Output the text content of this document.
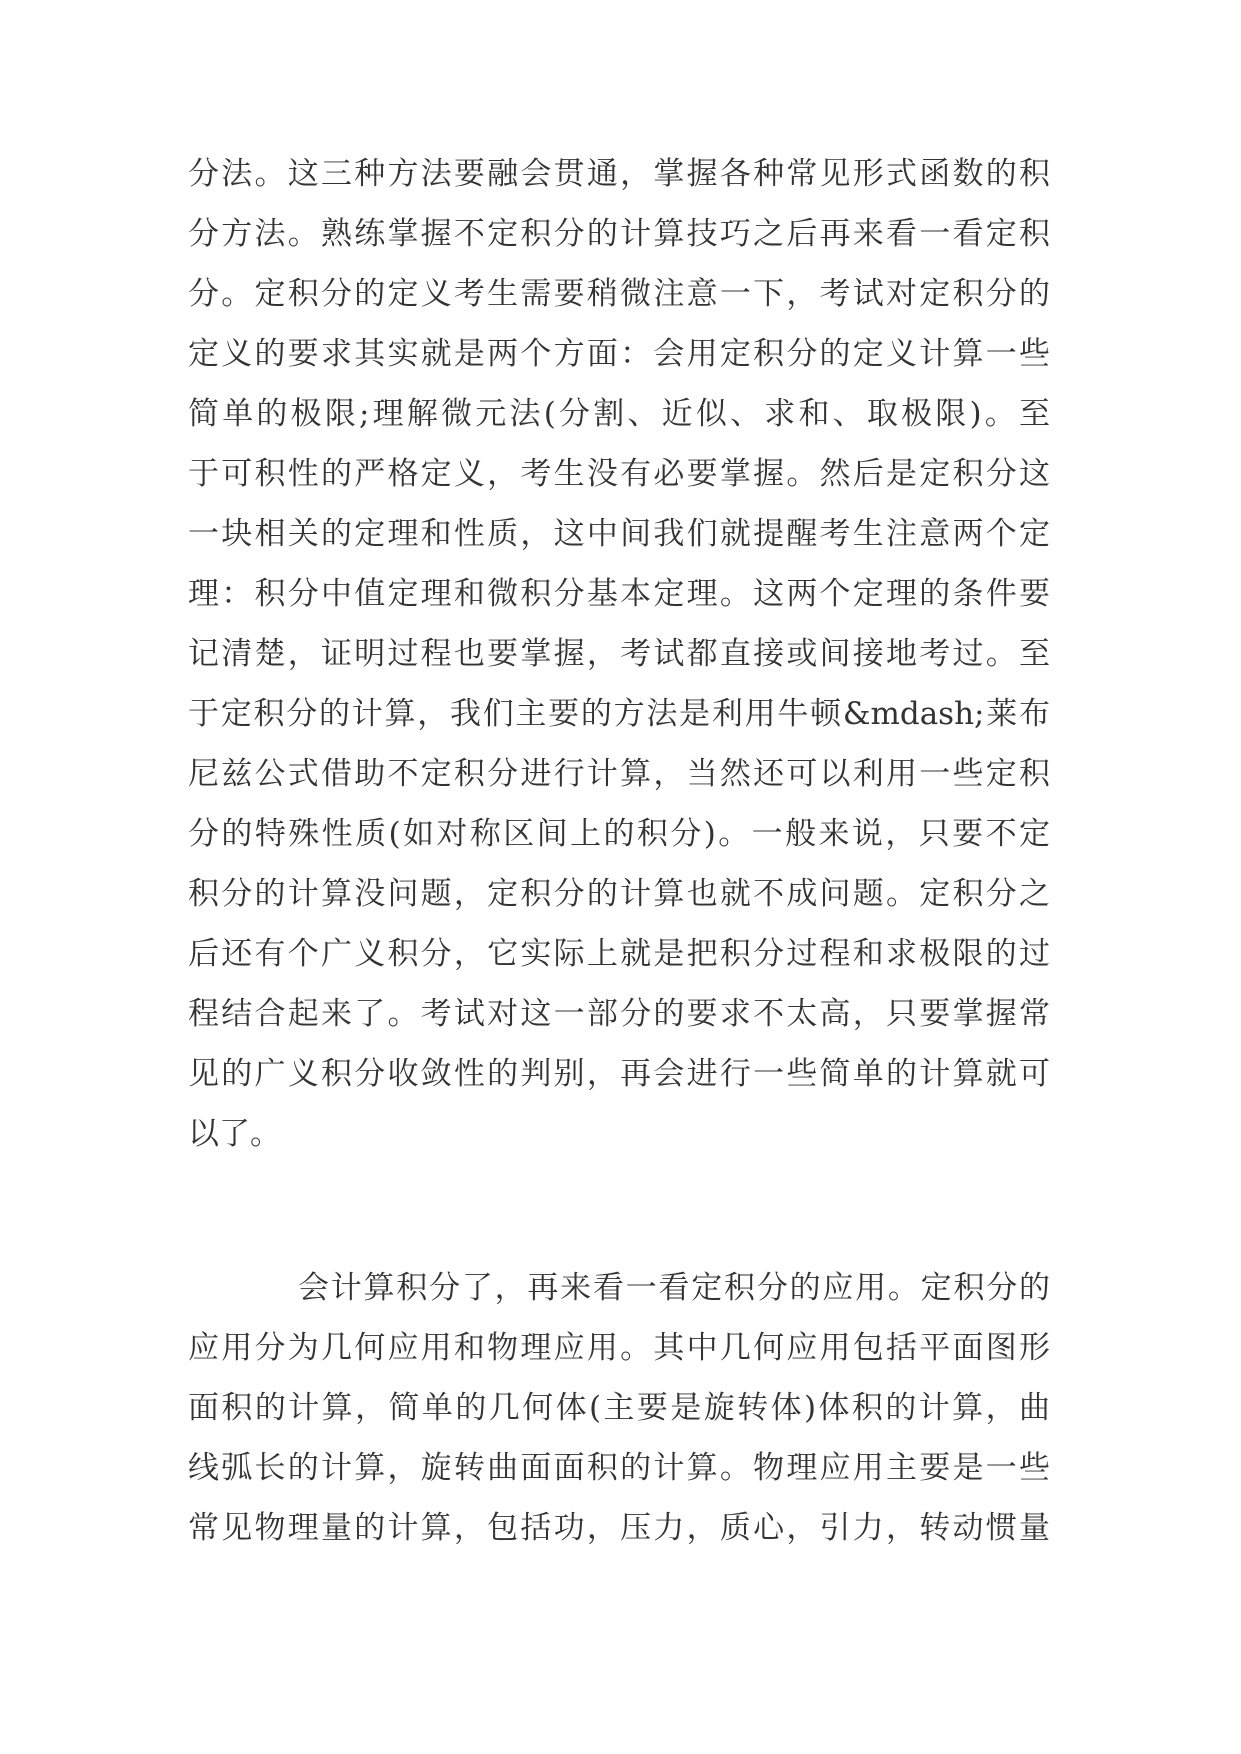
分法。这三种方法要融会贯通，掌握各种常见形式函数的积
分方法。熟练掌握不定积分的计算技巧之后再来看一看定积
分。定积分的定义考生需要稍微注意一下，考试对定积分的
定义的要求其实就是两个方面：会用定积分的定义计算一些
简单的极限;理解微元法(分割、近似、求和、取极限)。至
于可积性的严格定义，考生没有必要掌握。然后是定积分这
一块相关的定理和性质，这中间我们就提醒考生注意两个定
理：积分中值定理和微积分基本定理。这两个定理的条件要
记清楚，证明过程也要掌握，考试都直接或间接地考过。至
于定积分的计算，我们主要的方法是利用牛顿&mdash;莱布
尼兹公式借助不定积分进行计算，当然还可以利用一些定积
分的特殊性质(如对称区间上的积分)。一般来说，只要不定
积分的计算没问题，定积分的计算也就不成问题。定积分之
后还有个广义积分，它实际上就是把积分过程和求极限的过
程结合起来了。考试对这一部分的要求不太高，只要掌握常
见的广义积分收敛性的判别，再会进行一些简单的计算就可
以了。
会计算积分了，再来看一看定积分的应用。定积分的
应用分为几何应用和物理应用。其中几何应用包括平面图形
面积的计算，简单的几何体(主要是旋转体)体积的计算，曲
线弧长的计算，旋转曲面面积的计算。物理应用主要是一些
常见物理量的计算，包括功，压力，质心，引力，转动惯量
